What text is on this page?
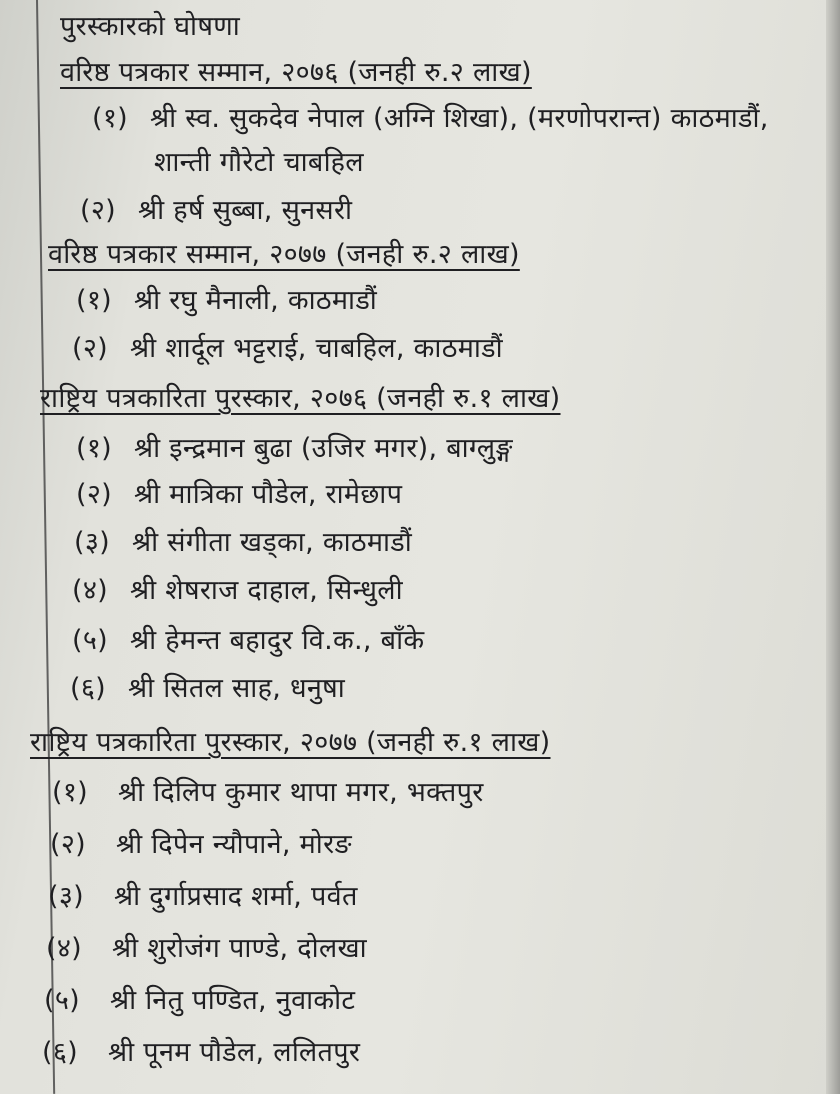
पुरस्कारको घोषणा
वरिष्ठ पत्रकार सम्मान, २०७६ (जनही रु.२ लाख)
(१) श्री स्व. सुकदेव नेपाल (अग्नि शिखा), (मरणोपरान्त) काठमाडौं,
शान्ती गौरेटो चाबहिल
(२) श्री हर्ष सुब्बा, सुनसरी
वरिष्ठ पत्रकार सम्मान, २०७७ (जनही रु.२ लाख)
(१) श्री रघु मैनाली, काठमाडौं
(२) श्री शार्दूल भट्टराई, चाबहिल, काठमाडौं
राष्ट्रिय पत्रकारिता पुरस्कार, २०७६ (जनही रु.१ लाख)
(१) श्री इन्द्रमान बुढा (उजिर मगर), बाग्लुङ्ग
(२) श्री मात्रिका पौडेल, रामेछाप
(३) श्री संगीता खड्का, काठमाडौं
(४) श्री शेषराज दाहाल, सिन्धुली
(५) श्री हेमन्त बहादुर वि.क., बाँके
(६) श्री सितल साह, धनुषा
राष्ट्रिय पत्रकारिता पुरस्कार, २०७७ (जनही रु.१ लाख)
(१) श्री दिलिप कुमार थापा मगर, भक्तपुर
(२) श्री दिपेन न्यौपाने, मोरङ
(३) श्री दुर्गाप्रसाद शर्मा, पर्वत
(४) श्री शुरोजंग पाण्डे, दोलखा
(५) श्री नितु पण्डित, नुवाकोट
(६) श्री पूनम पौडेल, ललितपुर
